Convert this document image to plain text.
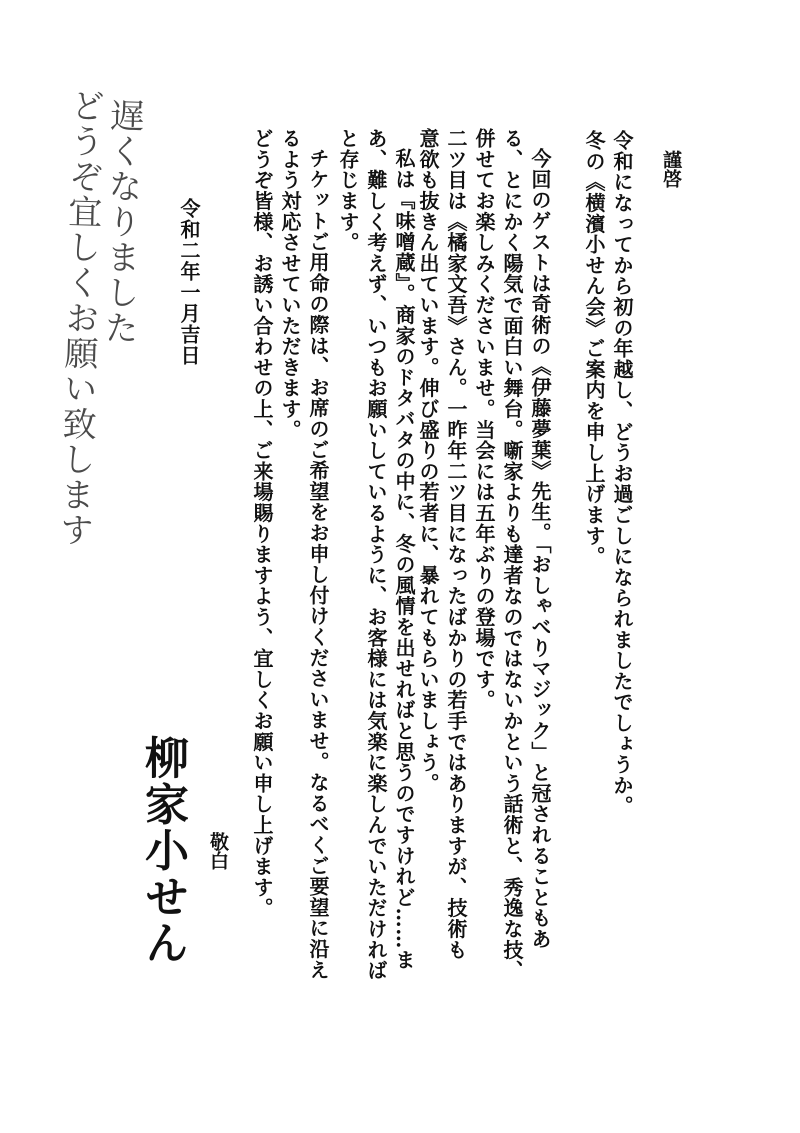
謹啓

令和になってから初の年越し、どうお過ごしになられましたでしょうか。

冬の《横濱小せん会》ご案内を申し上げます。

今回のゲストは奇術の《伊藤夢葉》先生。「おしゃべりマジック」と冠されることもあ

る、とにかく陽気で面白い舞台。噺家よりも達者なのではないかという話術と、秀逸な技、

併せてお楽しみくださいませ。当会には五年ぶりの登場です。

二ツ目は《橘家文吾》さん。一昨年二ツ目になったばかりの若手ではありますが、技術も

意欲も抜きん出ています。伸び盛りの若者に、暴れてもらいましょう。

私は『味噌蔵』。商家のドタバタの中に、冬の風情を出せればと思うのですけれど……ま

あ、難しく考えず、いつもお願いしているように、お客様には気楽に楽しんでいただければ

と存じます。

チケットご用命の際は、お席のご希望をお申し付けくださいませ。なるべくご要望に沿え

るよう対応させていただきます。

どうぞ皆様、お誘い合わせの上、ご来場賜りますよう、宜しくお願い申し上げます。

敬白

令和二年一月吉日

柳家小せん

遅くなりました

どうぞ宜しくお願い致します
